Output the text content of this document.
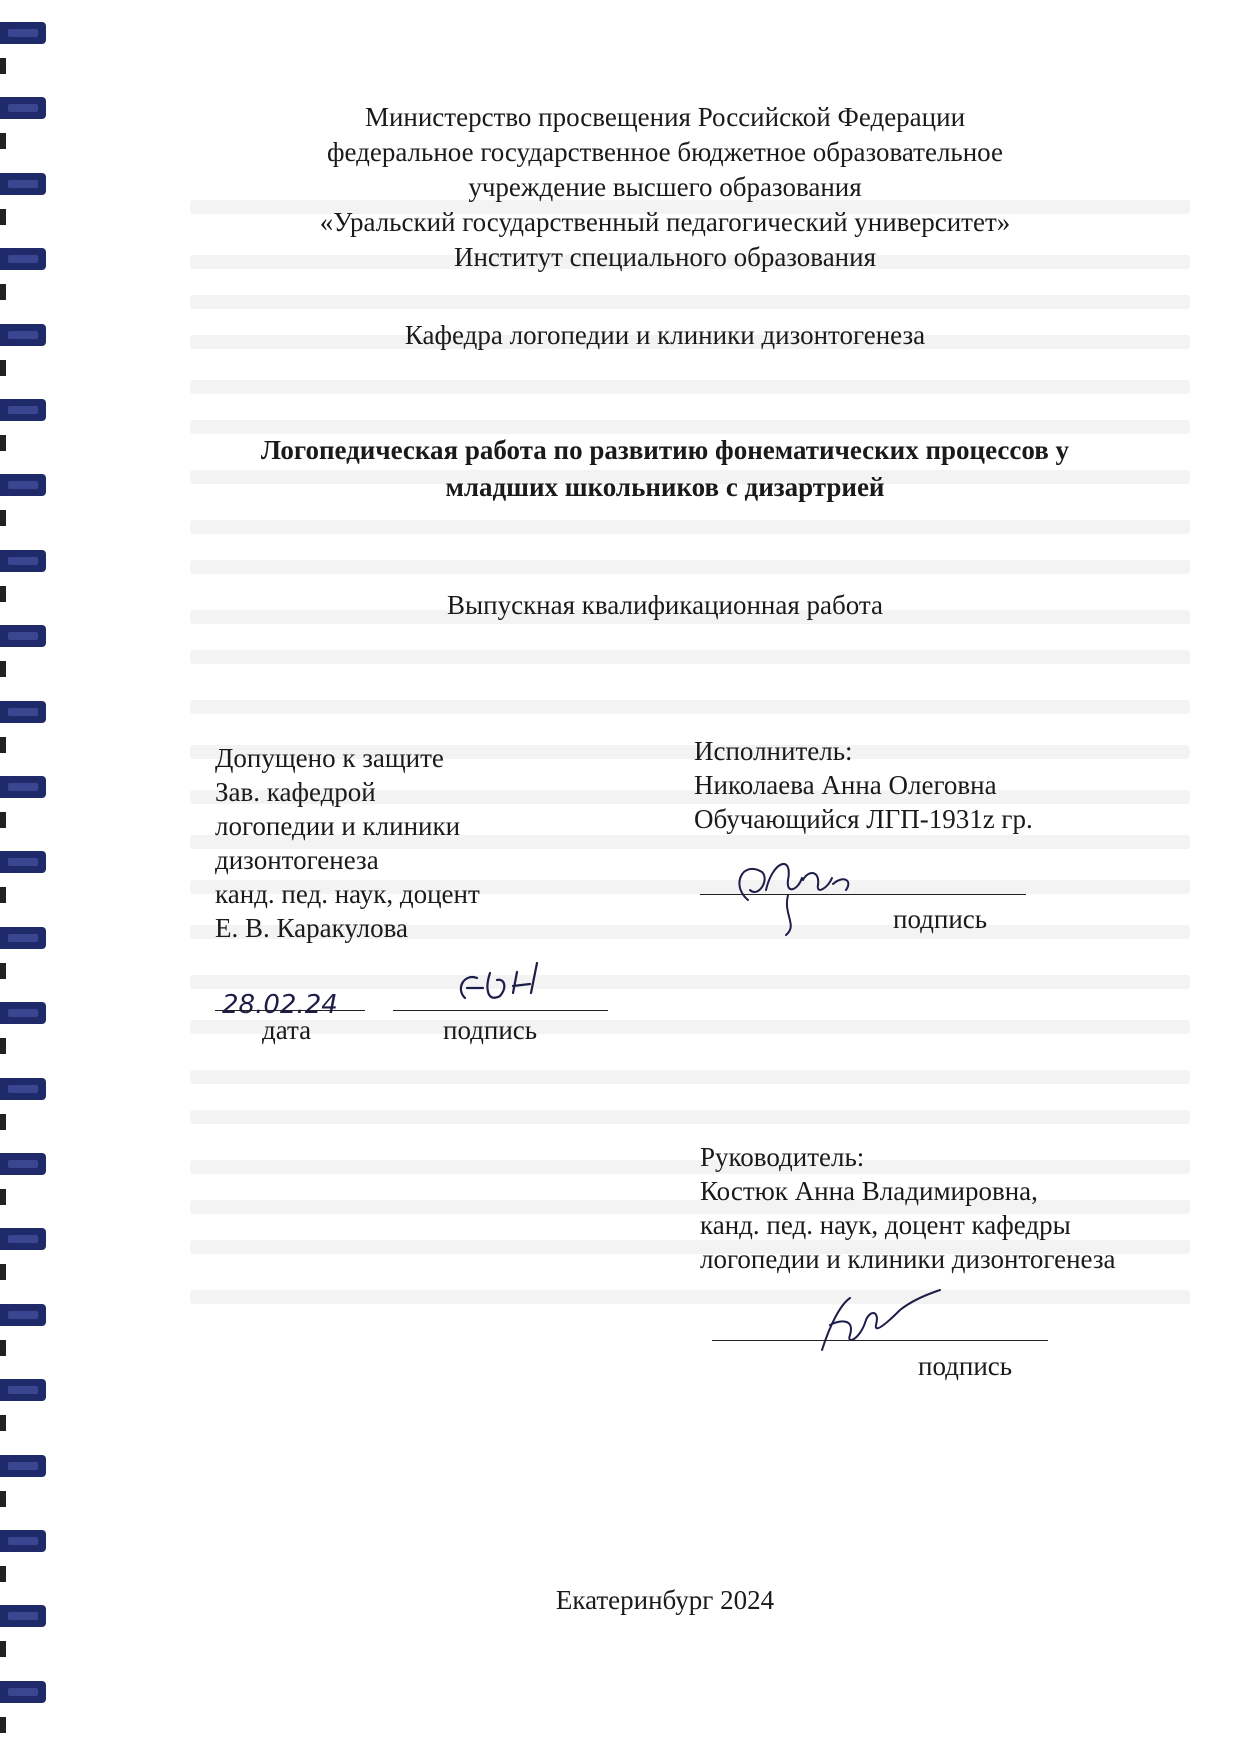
Министерство просвещения Российской Федерации
федеральное государственное бюджетное образовательное
учреждение высшего образования
«Уральский государственный педагогический университет»
Институт специального образования
Кафедра логопедии и клиники дизонтогенеза
Логопедическая работа по развитию фонематических процессов у
младших школьников с дизартрией
Выпускная квалификационная работа
Допущено к защите
Зав. кафедрой
логопедии и клиники
дизонтогенеза
канд. пед. наук, доцент
Е. В. Каракулова
28.02.24
дата	подпись
Исполнитель:
Николаева Анна Олеговна
Обучающийся ЛГП-1931z гр.
подпись
Руководитель:
Костюк Анна Владимировна,
канд. пед. наук, доцент кафедры
логопедии и клиники дизонтогенеза
подпись
Екатеринбург 2024
